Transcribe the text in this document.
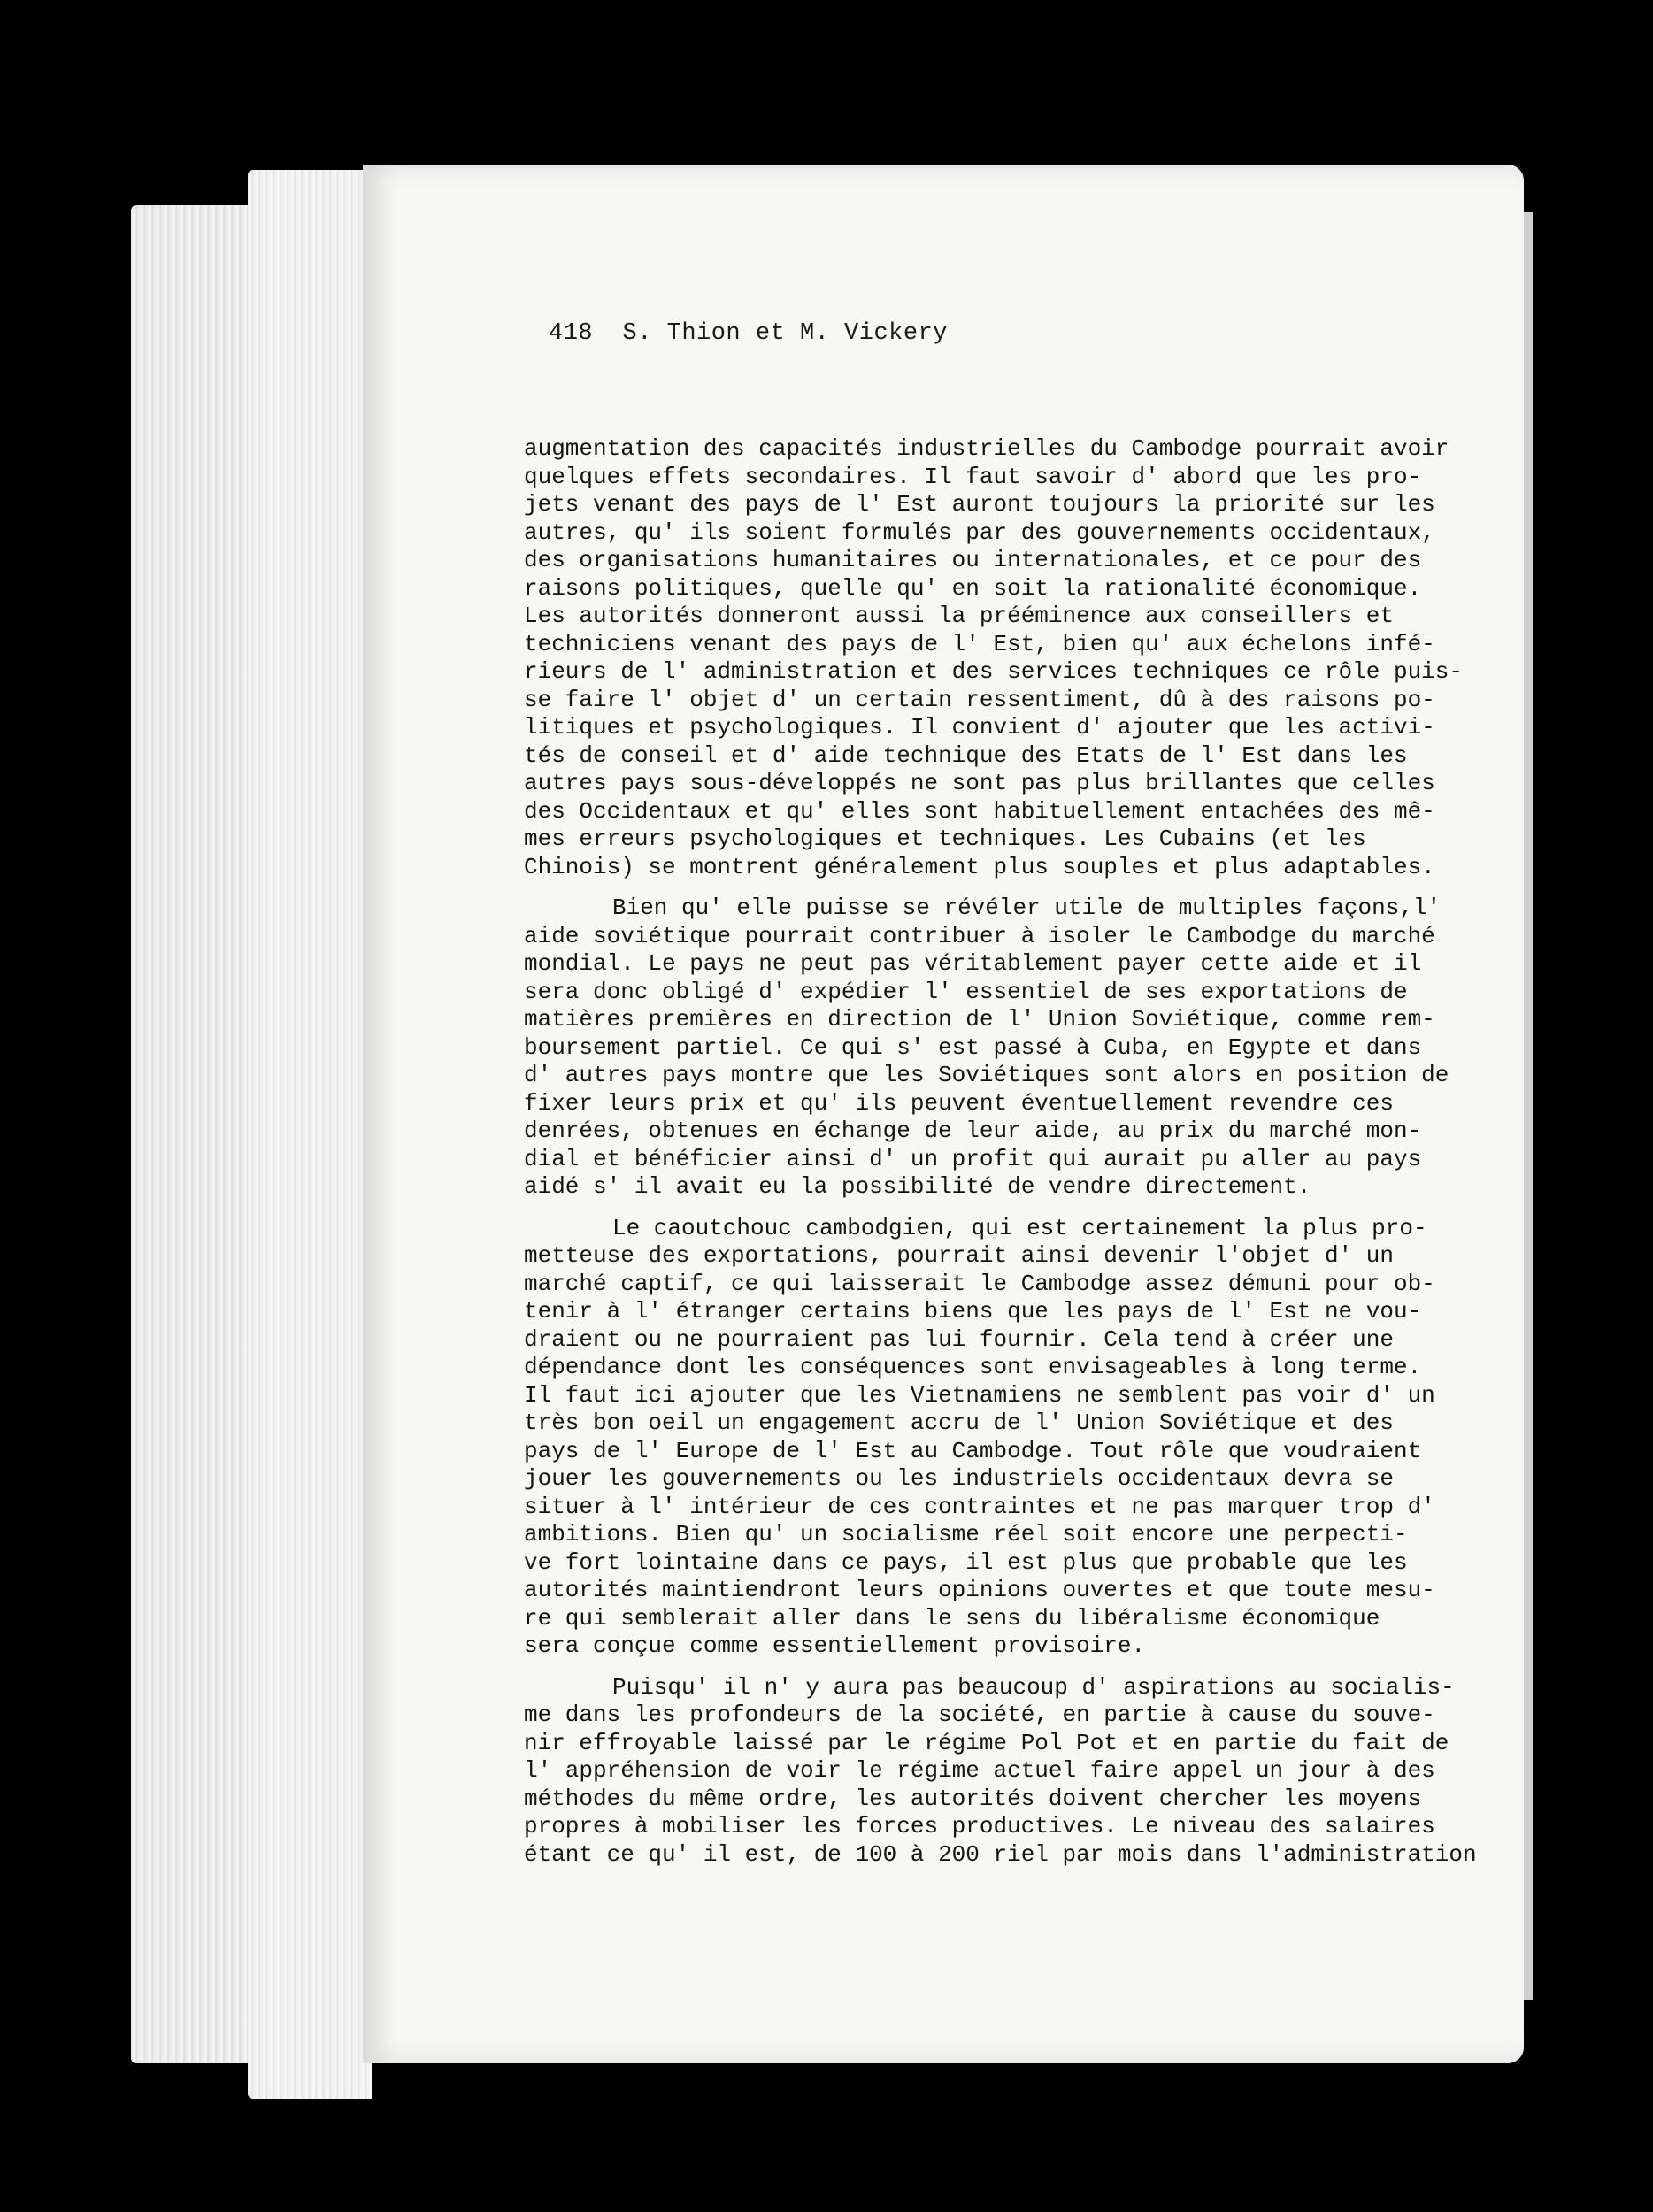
418 S. Thion et M. Vickery

augmentation des capacités industrielles du Cambodge pourrait avoir
quelques effets secondaires. Il faut savoir d' abord que les pro-
jets venant des pays de l' Est auront toujours la priorité sur les
autres, qu' ils soient formulés par des gouvernements occidentaux,
des organisations humanitaires ou internationales, et ce pour des
raisons politiques, quelle qu' en soit la rationalité économique.
Les autorités donneront aussi la prééminence aux conseillers et
techniciens venant des pays de l' Est, bien qu' aux échelons infé-
rieurs de l' administration et des services techniques ce rôle puis-
se faire l' objet d' un certain ressentiment, dû à des raisons po-
litiques et psychologiques. Il convient d' ajouter que les activi-
tés de conseil et d' aide technique des Etats de l' Est dans les
autres pays sous-développés ne sont pas plus brillantes que celles
des Occidentaux et qu' elles sont habituellement entachées des mê-
mes erreurs psychologiques et techniques. Les Cubains (et les
Chinois) se montrent généralement plus souples et plus adaptables.

Bien qu' elle puisse se révéler utile de multiples façons,l'
aide soviétique pourrait contribuer à isoler le Cambodge du marché
mondial. Le pays ne peut pas véritablement payer cette aide et il
sera donc obligé d' expédier l' essentiel de ses exportations de
matières premières en direction de l' Union Soviétique, comme rem-
boursement partiel. Ce qui s' est passé à Cuba, en Egypte et dans
d' autres pays montre que les Soviétiques sont alors en position de
fixer leurs prix et qu' ils peuvent éventuellement revendre ces
denrées, obtenues en échange de leur aide, au prix du marché mon-
dial et bénéficier ainsi d' un profit qui aurait pu aller au pays
aidé s' il avait eu la possibilité de vendre directement.

Le caoutchouc cambodgien, qui est certainement la plus pro-
metteuse des exportations, pourrait ainsi devenir l'objet d' un
marché captif, ce qui laisserait le Cambodge assez démuni pour ob-
tenir à l' étranger certains biens que les pays de l' Est ne vou-
draient ou ne pourraient pas lui fournir. Cela tend à créer une
dépendance dont les conséquences sont envisageables à long terme.
Il faut ici ajouter que les Vietnamiens ne semblent pas voir d' un
très bon oeil un engagement accru de l' Union Soviétique et des
pays de l' Europe de l' Est au Cambodge. Tout rôle que voudraient
jouer les gouvernements ou les industriels occidentaux devra se
situer à l' intérieur de ces contraintes et ne pas marquer trop d'
ambitions. Bien qu' un socialisme réel soit encore une perpecti-
ve fort lointaine dans ce pays, il est plus que probable que les
autorités maintiendront leurs opinions ouvertes et que toute mesu-
re qui semblerait aller dans le sens du libéralisme économique
sera conçue comme essentiellement provisoire.

Puisqu' il n' y aura pas beaucoup d' aspirations au socialis-
me dans les profondeurs de la société, en partie à cause du souve-
nir effroyable laissé par le régime Pol Pot et en partie du fait de
l' appréhension de voir le régime actuel faire appel un jour à des
méthodes du même ordre, les autorités doivent chercher les moyens
propres à mobiliser les forces productives. Le niveau des salaires
étant ce qu' il est, de 100 à 200 riel par mois dans l'administration
